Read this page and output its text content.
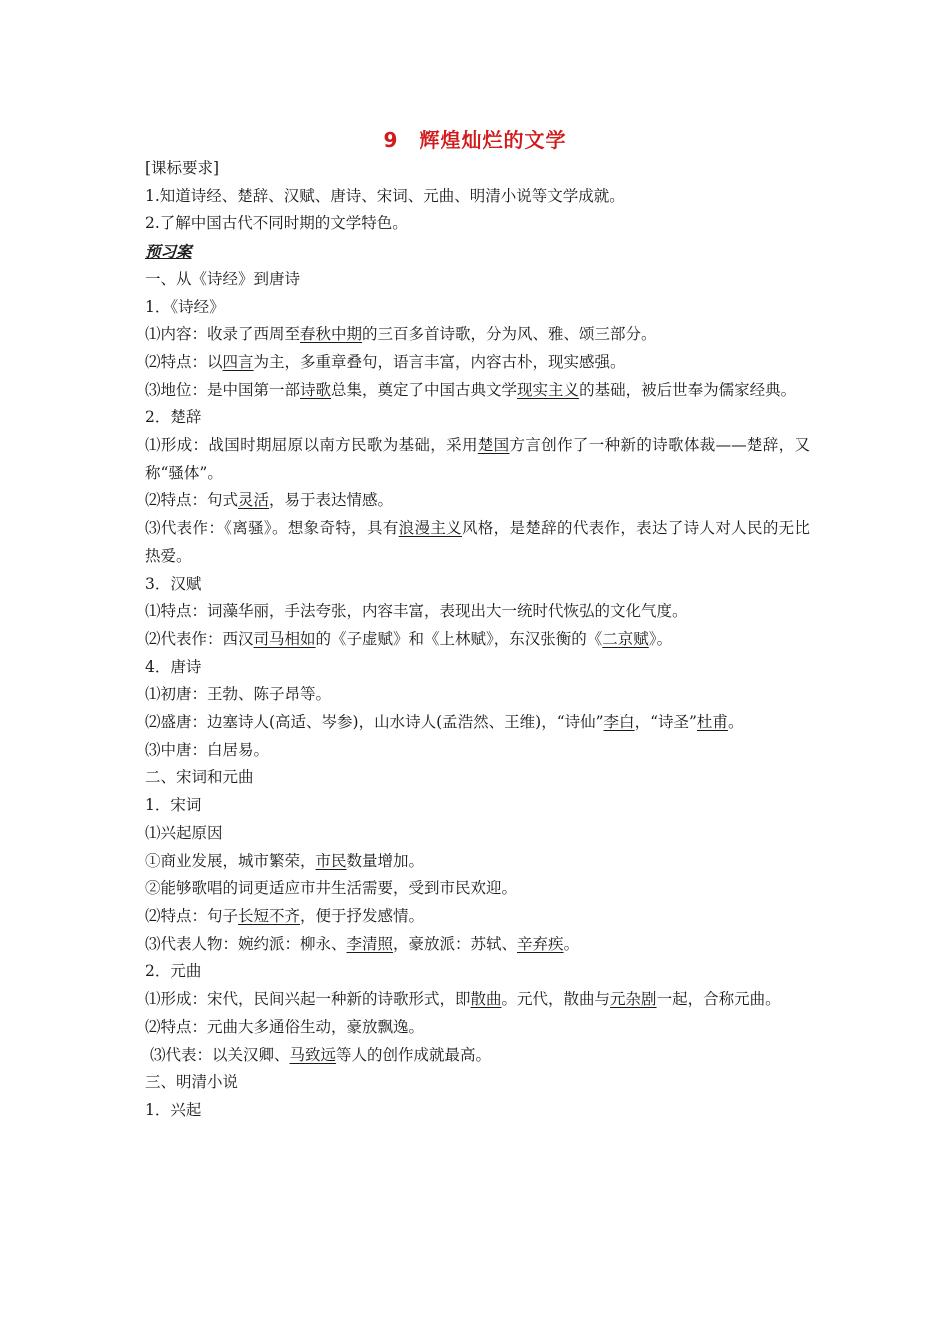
9　辉煌灿烂的文学
[课标要求]
1.知道诗经、楚辞、汉赋、唐诗、宋词、元曲、明清小说等文学成就。
2.了解中国古代不同时期的文学特色。
预习案
一、从《诗经》到唐诗
1．《诗经》
⑴内容：收录了西周至春秋中期的三百多首诗歌，分为风、雅、颂三部分。
⑵特点：以四言为主，多重章叠句，语言丰富，内容古朴，现实感强。
⑶地位：是中国第一部诗歌总集，奠定了中国古典文学现实主义的基础，被后世奉为儒家经典。
2．楚辞
⑴形成：战国时期屈原以南方民歌为基础，采用楚国方言创作了一种新的诗歌体裁——楚辞，又称“骚体”。
⑵特点：句式灵活，易于表达情感。
⑶代表作：《离骚》。想象奇特，具有浪漫主义风格，是楚辞的代表作，表达了诗人对人民的无比热爱。
3．汉赋
⑴特点：词藻华丽，手法夸张，内容丰富，表现出大一统时代恢弘的文化气度。
⑵代表作：西汉司马相如的《子虚赋》和《上林赋》，东汉张衡的《二京赋》。
4．唐诗
⑴初唐：王勃、陈子昂等。
⑵盛唐：边塞诗人(高适、岑参)，山水诗人(孟浩然、王维)，“诗仙”李白，“诗圣”杜甫。
⑶中唐：白居易。
二、宋词和元曲
1．宋词
⑴兴起原因
①商业发展，城市繁荣，市民数量增加。
②能够歌唱的词更适应市井生活需要，受到市民欢迎。
⑵特点：句子长短不齐，便于抒发感情。
⑶代表人物：婉约派：柳永、李清照，豪放派：苏轼、辛弃疾。
2．元曲
⑴形成：宋代，民间兴起一种新的诗歌形式，即散曲。元代，散曲与元杂剧一起，合称元曲。
⑵特点：元曲大多通俗生动，豪放飘逸。
⑶代表：以关汉卿、马致远等人的创作成就最高。
三、明清小说
1．兴起
